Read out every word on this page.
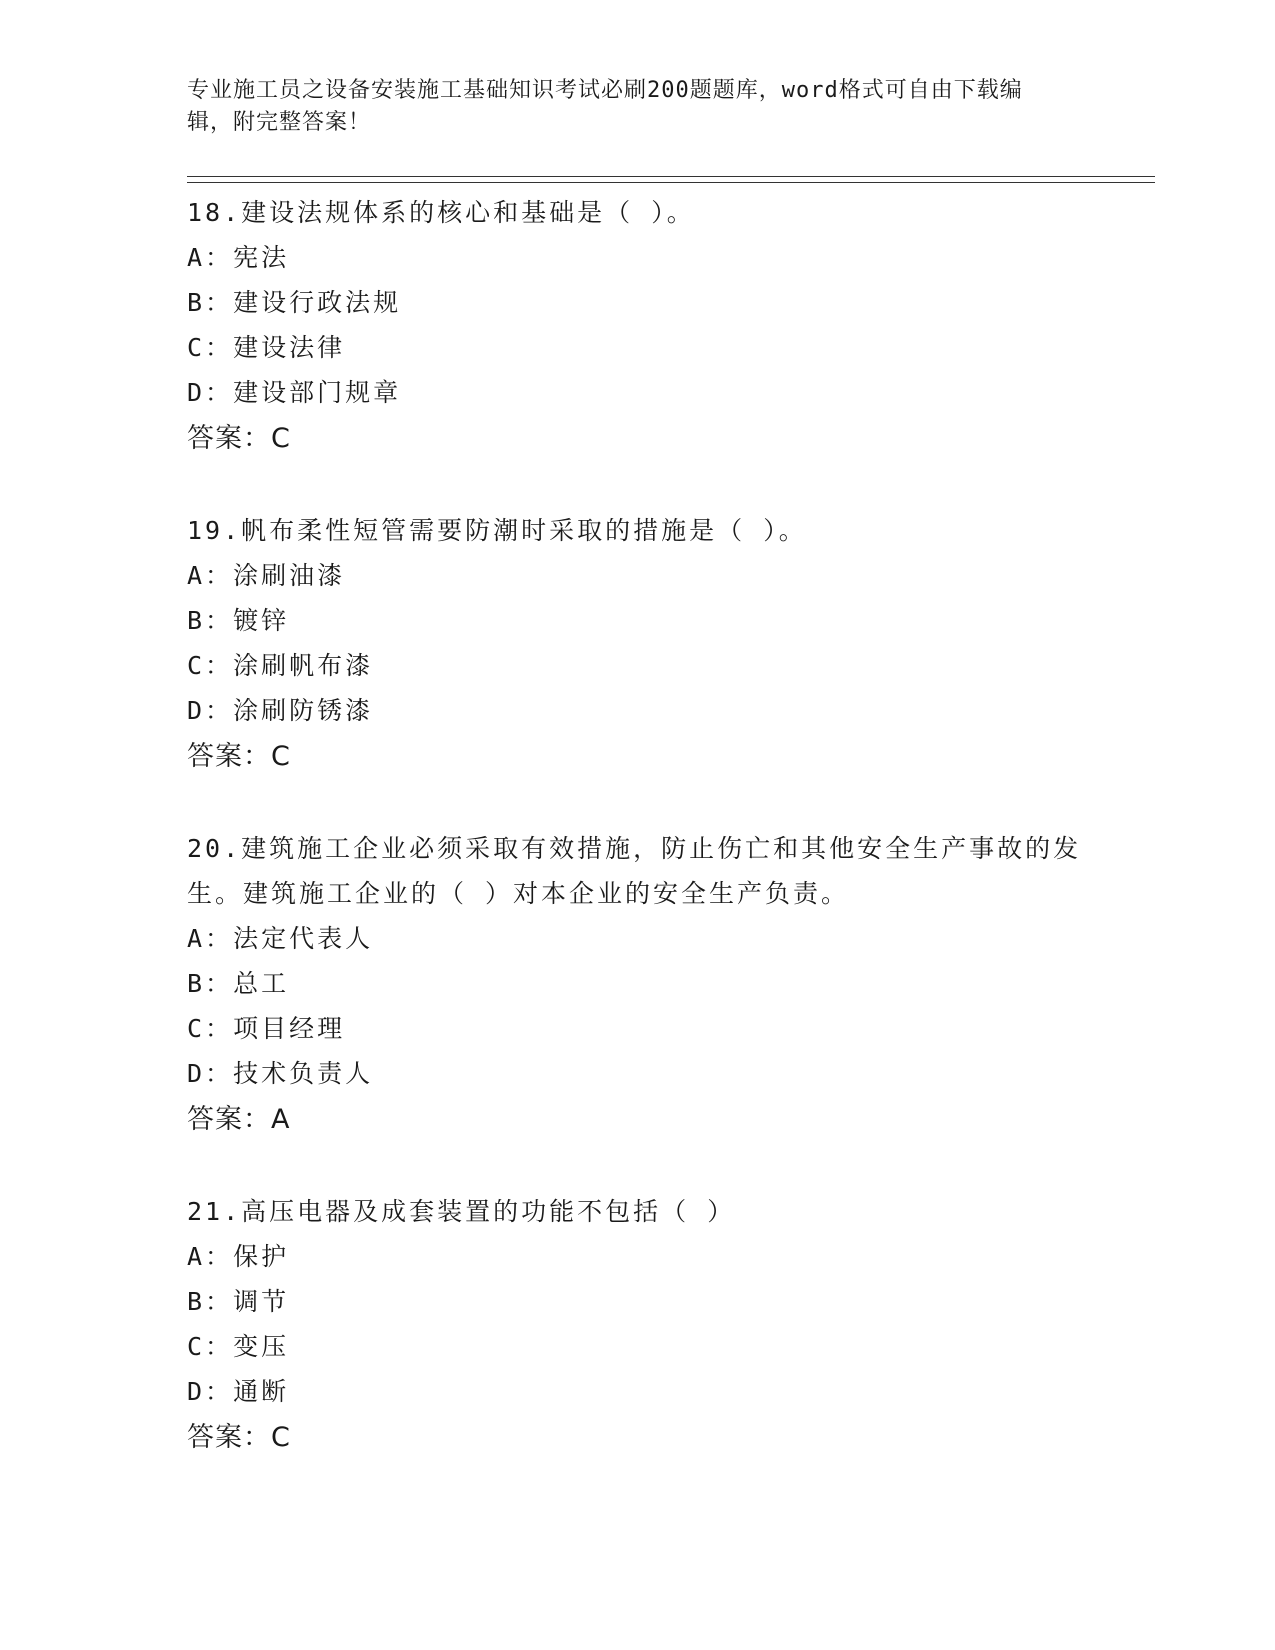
专业施工员之设备安装施工基础知识考试必刷200题题库，word格式可自由下载编辑，附完整答案！
18.建设法规体系的核心和基础是（ ）。
A：宪法
B：建设行政法规
C：建设法律
D：建设部门规章
答案：C
19.帆布柔性短管需要防潮时采取的措施是（ ）。
A：涂刷油漆
B：镀锌
C：涂刷帆布漆
D：涂刷防锈漆
答案：C
20.建筑施工企业必须采取有效措施，防止伤亡和其他安全生产事故的发生。建筑施工企业的（ ）对本企业的安全生产负责。
A：法定代表人
B：总工
C：项目经理
D：技术负责人
答案：A
21.高压电器及成套装置的功能不包括（ ）
A：保护
B：调节
C：变压
D：通断
答案：C
